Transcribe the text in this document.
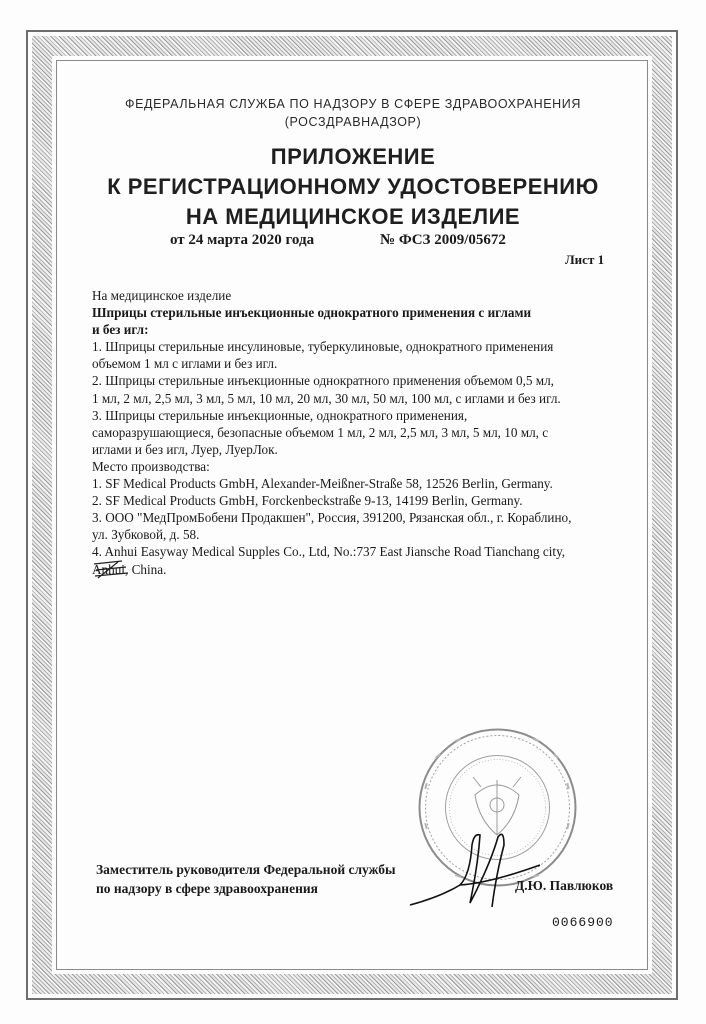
ФЕДЕРАЛЬНАЯ СЛУЖБА ПО НАДЗОРУ В СФЕРЕ ЗДРАВООХРАНЕНИЯ
(РОСЗДРАВНАДЗОР)
ПРИЛОЖЕНИЕ
К РЕГИСТРАЦИОННОМУ УДОСТОВЕРЕНИЮ
НА МЕДИЦИНСКОЕ ИЗДЕЛИЕ
от 24 марта 2020 года	№ ФСЗ 2009/05672
Лист 1
На медицинское изделие
Шприцы стерильные инъекционные однократного применения с иглами
и без игл:
1. Шприцы стерильные инсулиновые, туберкулиновые, однократного применения
объемом 1 мл с иглами и без игл.
2. Шприцы стерильные инъекционные однократного применения объемом 0,5 мл,
1 мл, 2 мл, 2,5 мл, 3 мл, 5 мл, 10 мл, 20 мл, 30 мл, 50 мл, 100 мл, с иглами и без игл.
3. Шприцы стерильные инъекционные, однократного применения,
саморазрушающиеся, безопасные объемом 1 мл, 2 мл, 2,5 мл, 3 мл, 5 мл, 10 мл, с
иглами и без игл, Луер, ЛуерЛок.
Место производства:
1. SF Medical Products GmbH, Alexander-Meißner-Straße 58, 12526 Berlin, Germany.
2. SF Medical Products GmbH, Forckenbeckstraße 9-13, 14199 Berlin, Germany.
3. ООО "МедПромБобени Продакшен", Россия, 391200, Рязанская обл., г. Кораблино,
ул. Зубковой, д. 58.
4. Anhui Easyway Medical Supples Co., Ltd, No.:737 East Jiansche Road Tianchang city,
Anhui, China.
Заместитель руководителя Федеральной службы
по надзору в сфере здравоохранения	Д.Ю. Павлюков
0066900
